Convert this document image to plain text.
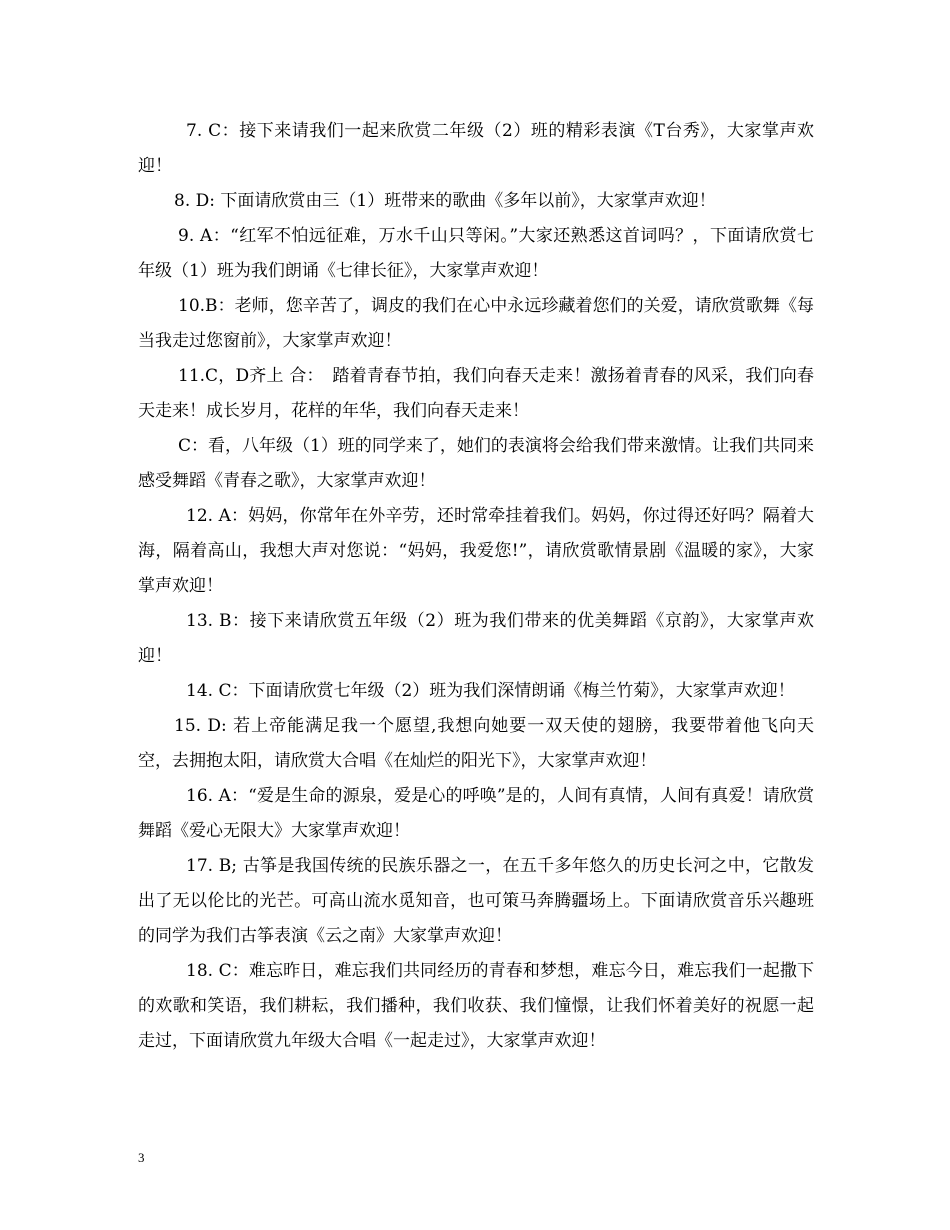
7. C：接下来请我们一起来欣赏二年级（2）班的精彩表演《T台秀》，大家掌声欢迎！

8. D: 下面请欣赏由三（1）班带来的歌曲《多年以前》，大家掌声欢迎！

9. A：“红军不怕远征难，万水千山只等闲。”大家还熟悉这首词吗？，下面请欣赏七年级（1）班为我们朗诵《七律长征》，大家掌声欢迎！

10.B：老师，您辛苦了，调皮的我们在心中永远珍藏着您们的关爱，请欣赏歌舞《每当我走过您窗前》，大家掌声欢迎！

11.C，D齐上 合：　踏着青春节拍，我们向春天走来！激扬着青春的风采，我们向春天走来！成长岁月，花样的年华，我们向春天走来！

C：看，八年级（1）班的同学来了，她们的表演将会给我们带来激情。让我们共同来感受舞蹈《青春之歌》，大家掌声欢迎！

12. A：妈妈，你常年在外辛劳，还时常牵挂着我们。妈妈，你过得还好吗？隔着大海，隔着高山，我想大声对您说：“妈妈，我爱您!”，请欣赏歌情景剧《温暖的家》，大家掌声欢迎！

13. B：接下来请欣赏五年级（2）班为我们带来的优美舞蹈《京韵》，大家掌声欢迎！

14. C：下面请欣赏七年级（2）班为我们深情朗诵《梅兰竹菊》，大家掌声欢迎！

15. D: 若上帝能满足我一个愿望,我想向她要一双天使的翅膀，我要带着他飞向天空，去拥抱太阳，请欣赏大合唱《在灿烂的阳光下》，大家掌声欢迎！

16. A：“爱是生命的源泉，爱是心的呼唤”是的，人间有真情，人间有真爱！请欣赏舞蹈《爱心无限大》大家掌声欢迎！

17. B; 古筝是我国传统的民族乐器之一，在五千多年悠久的历史长河之中，它散发出了无以伦比的光芒。可高山流水觅知音，也可策马奔腾疆场上。下面请欣赏音乐兴趣班的同学为我们古筝表演《云之南》大家掌声欢迎！

18. C：难忘昨日，难忘我们共同经历的青春和梦想，难忘今日，难忘我们一起撒下的欢歌和笑语，我们耕耘，我们播种，我们收获、我们憧憬，让我们怀着美好的祝愿一起走过，下面请欣赏九年级大合唱《一起走过》，大家掌声欢迎！

3
